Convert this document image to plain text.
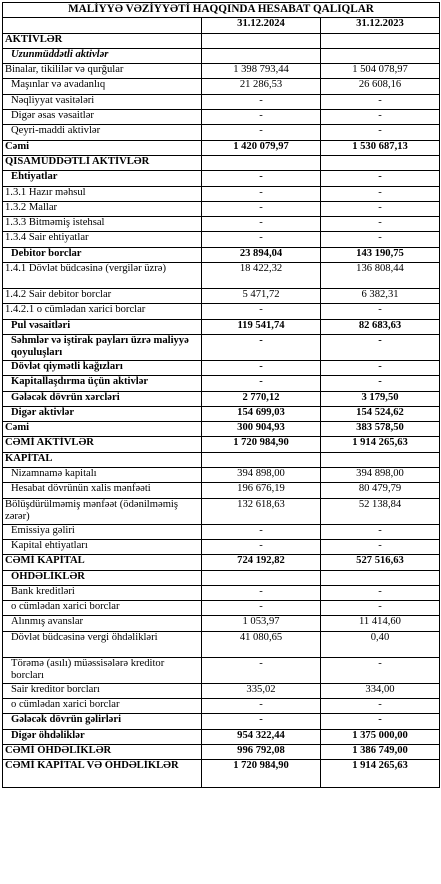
MALİYYƏ VƏZİYYƏTİ HAQQINDA HESABAT QALIQLAR		
	31.12.2024	31.12.2023
AKTİVLƏR		
Uzunmüddətli aktivlər		
Binalar, tikililər və qurğular	1 398 793,44	1 504 078,97
Maşınlar və avadanlıq	21 286,53	26 608,16
Nəqliyyat vasitələri	-	-
Digər əsas vəsaitlər	-	-
Qeyri-maddi aktivlər	-	-
Cəmi	1 420 079,97	1 530 687,13
QISAMÜDDƏTLİ AKTİVLƏR		
Ehtiyatlar	-	-
1.3.1 Hazır məhsul	-	-
1.3.2 Mallar	-	-
1.3.3 Bitməmiş istehsal	-	-
1.3.4 Sair ehtiyatlar	-	-
Debitor borclar	23 894,04	143 190,75
1.4.1 Dövlət büdcəsinə (vergilər üzrə)	18 422,32	136 808,44
1.4.2 Sair debitor borclar	5 471,72	6 382,31
1.4.2.1 o cümlədan xarici borclar	-	-
Pul vəsaitləri	119 541,74	82 683,63
Səhmlər və iştirak payları üzrə maliyyə qoyuluşları	-	-
Dövlət qiymətli kağızları	-	-
Kapitallaşdırma üçün aktivlər	-	-
Gələcək dövrün xərcləri	2 770,12	3 179,50
Digər aktivlər	154 699,03	154 524,62
Cəmi	300 904,93	383 578,50
CƏMİ AKTİVLƏR	1 720 984,90	1 914 265,63
KAPİTAL		
Nizamnamə kapitalı	394 898,00	394 898,00
Hesabat dövrünün xalis mənfəəti	196 676,19	80 479,79
Bölüşdürülməmiş mənfəət (ödənilməmiş zərər)	132 618,63	52 138,84
Emissiya gəliri	-	-
Kapital ehtiyatları	-	-
CƏMİ KAPİTAL	724 192,82	527 516,63
ÖHDƏLİKLƏR		
Bank kreditləri	-	-
o cümlədan xarici borclar	-	-
Alınmış avanslar	1 053,97	11 414,60
Dövlət büdcəsinə vergi öhdəlikləri	41 080,65	0,40
Törəmə (asılı) müəssisələrə kreditor borcları	-	-
Sair kreditor borcları	335,02	334,00
o cümlədan xarici borclar	-	-
Gələcək dövrün gəlirləri	-	-
Digər öhdəliklər	954 322,44	1 375 000,00
CƏMİ ÖHDƏLİKLƏR	996 792,08	1 386 749,00
CƏMİ KAPİTAL VƏ ÖHDƏLİKLƏR	1 720 984,90	1 914 265,63
